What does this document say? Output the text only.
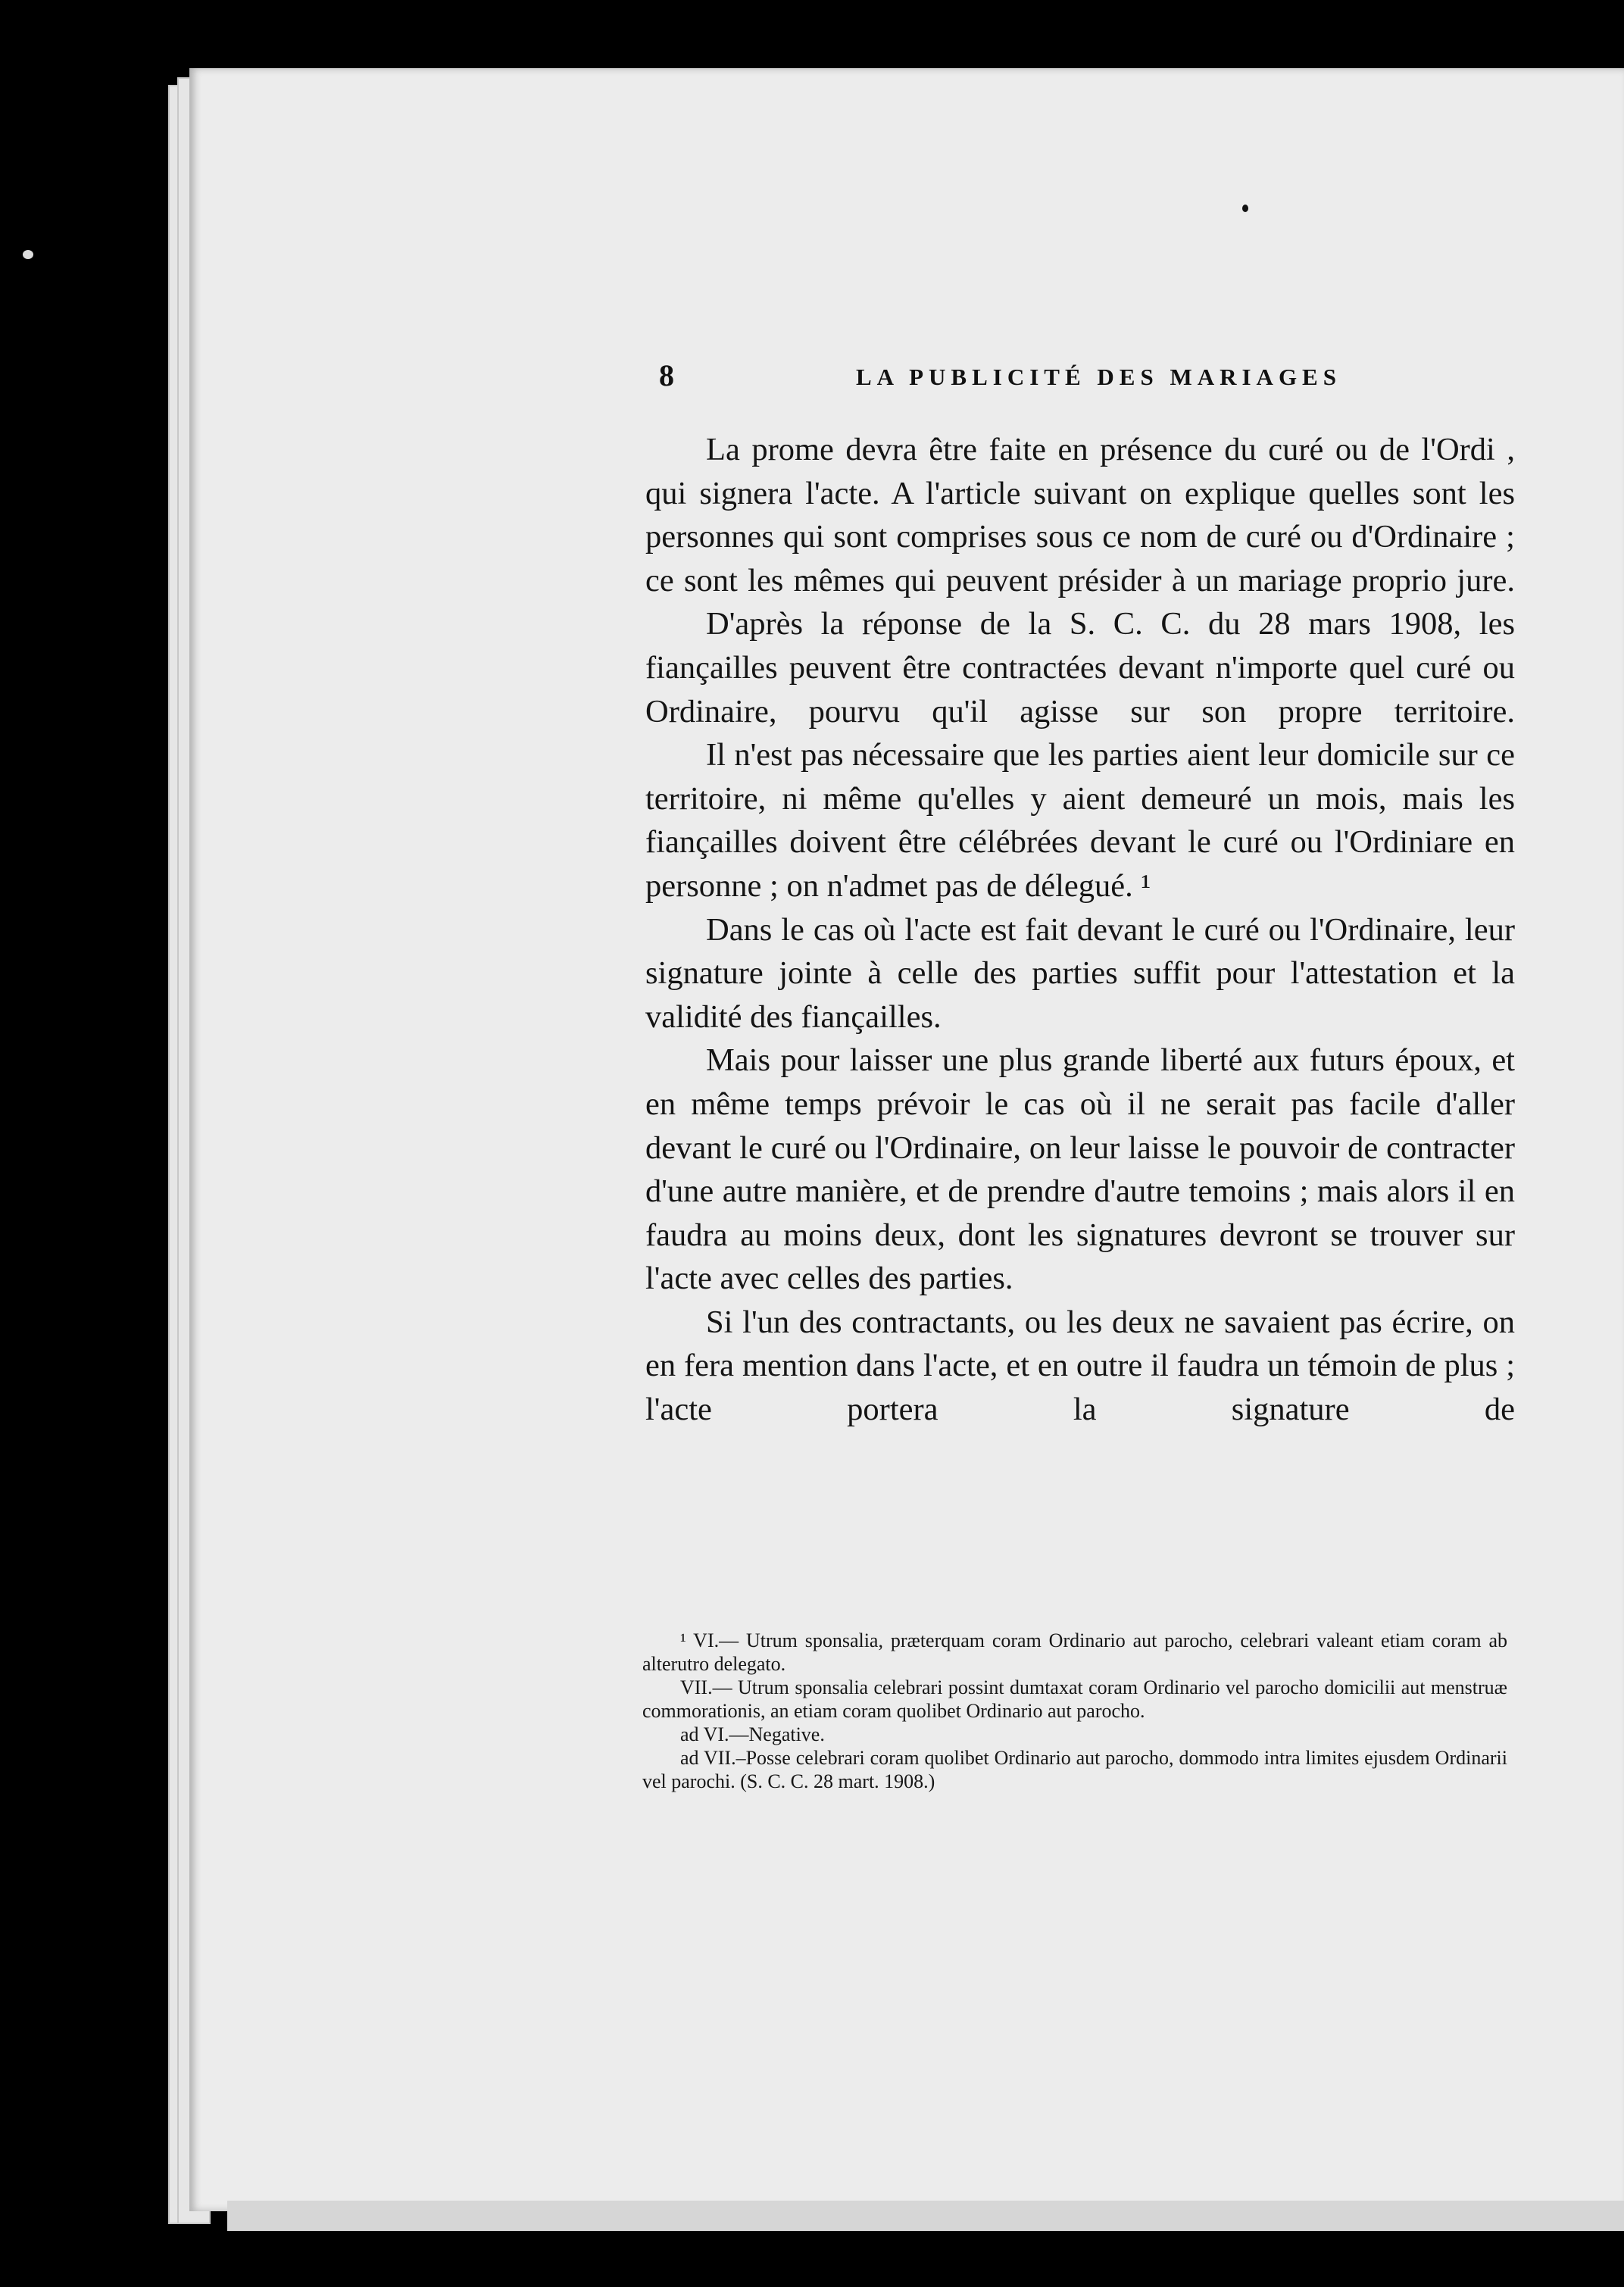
8	LA PUBLICITÉ DES MARIAGES

La prome devra être faite en présence du curé ou de l'Ordi , qui signera l'acte. A l'article suivant on explique quelles sont les personnes qui sont comprises sous ce nom de curé ou d'Ordinaire ; ce sont les mêmes qui peuvent présider à un mariage proprio jure.

D'après la réponse de la S. C. C. du 28 mars 1908, les fiançailles peuvent être contractées devant n'importe quel curé ou Ordinaire, pourvu qu'il agisse sur son propre territoire.

Il n'est pas nécessaire que les parties aient leur domicile sur ce territoire, ni même qu'elles y aient demeuré un mois, mais les fiançailles doivent être célébrées devant le curé ou l'Ordiniare en personne ; on n'admet pas de délegué. ¹

Dans le cas où l'acte est fait devant le curé ou l'Ordinaire, leur signature jointe à celle des parties suffit pour l'attestation et la validité des fiançailles.

Mais pour laisser une plus grande liberté aux futurs époux, et en même temps prévoir le cas où il ne serait pas facile d'aller devant le curé ou l'Ordinaire, on leur laisse le pouvoir de contracter d'une autre manière, et de prendre d'autre temoins ; mais alors il en faudra au moins deux, dont les signatures devront se trouver sur l'acte avec celles des parties.

Si l'un des contractants, ou les deux ne savaient pas écrire, on en fera mention dans l'acte, et en outre il faudra un témoin de plus ; l'acte portera la signature de

¹ VI.— Utrum sponsalia, præterquam coram Ordinario aut parocho, celebrari valeant etiam coram ab alterutro delegato.

VII.— Utrum sponsalia celebrari possint dumtaxat coram Ordinario vel parocho domicilii aut menstruæ commorationis, an etiam coram quolibet Ordinario aut parocho.

ad VI.—Negative.

ad VII.–Posse celebrari coram quolibet Ordinario aut parocho, dommodo intra limites ejusdem Ordinarii vel parochi. (S. C. C. 28 mart. 1908.)
